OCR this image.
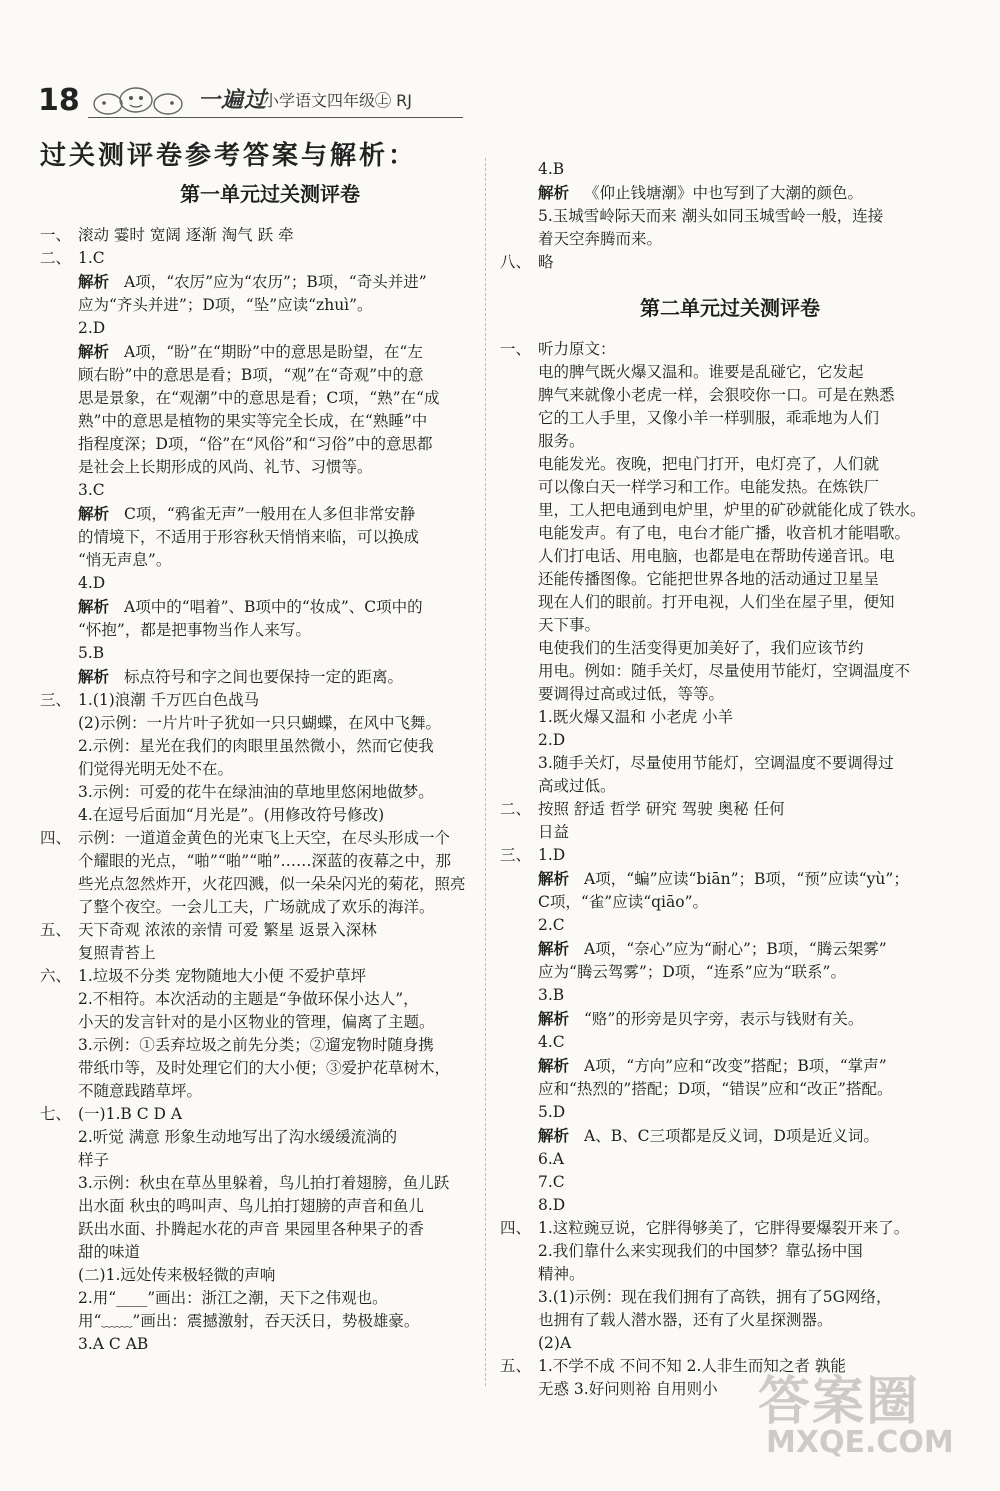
18	一遍过
小学语文四年级㊤ RJ
过关测评卷参考答案与解析：
第一单元过关测评卷
一、 滚动 霎时 宽阔 逐渐 淘气 跃 牵
二、 1.C
解析 A项，“农厉”应为“农历”；B项，“奇头并进”
应为“齐头并进”；D项，“坠”应读“zhuì”。
2.D
解析 A项，“盼”在“期盼”中的意思是盼望，在“左
顾右盼”中的意思是看；B项，“观”在“奇观”中的意
思是景象，在“观潮”中的意思是看；C项，“熟”在“成
熟”中的意思是植物的果实等完全长成，在“熟睡”中
指程度深；D项，“俗”在“风俗”和“习俗”中的意思都
是社会上长期形成的风尚、礼节、习惯等。
3.C
解析 C项，“鸦雀无声”一般用在人多但非常安静
的情境下，不适用于形容秋天悄悄来临，可以换成
“悄无声息”。
4.D
解析 A项中的“唱着”、B项中的“妆成”、C项中的
“怀抱”，都是把事物当作人来写。
5.B
解析 标点符号和字之间也要保持一定的距离。
三、 1.(1)浪潮 千万匹白色战马
(2)示例：一片片叶子犹如一只只蝴蝶，在风中飞舞。
2.示例：星光在我们的肉眼里虽然微小，然而它使我
们觉得光明无处不在。
3.示例：可爱的花牛在绿油油的草地里悠闲地做梦。
4.在逗号后面加“月光是”。(用修改符号修改)
四、 示例：一道道金黄色的光束飞上天空，在尽头形成一个
个耀眼的光点，“啪”“啪”“啪”……深蓝的夜幕之中，那
些光点忽然炸开，火花四溅，似一朵朵闪光的菊花，照亮
了整个夜空。一会儿工夫，广场就成了欢乐的海洋。
五、 天下奇观 浓浓的亲情 可爱 繁星 返景入深林
复照青苔上
六、 1.垃圾不分类 宠物随地大小便 不爱护草坪
2.不相符。本次活动的主题是“争做环保小达人”，
小天的发言针对的是小区物业的管理，偏离了主题。
3.示例：①丢弃垃圾之前先分类；②遛宠物时随身携
带纸巾等，及时处理它们的大小便；③爱护花草树木，
不随意践踏草坪。
七、 (一)1.B C D A
2.听觉 满意 形象生动地写出了沟水缓缓流淌的
样子
3.示例：秋虫在草丛里躲着，鸟儿拍打着翅膀，鱼儿跃
出水面 秋虫的鸣叫声、鸟儿拍打翅膀的声音和鱼儿
跃出水面、扑腾起水花的声音 果园里各种果子的香
甜的味道
(二)1.远处传来极轻微的声响
2.用“____”画出：浙江之潮，天下之伟观也。
用“﹏﹏”画出：震撼激射，吞天沃日，势极雄豪。
3.A C AB
4.B
解析 《仰止钱塘潮》中也写到了大潮的颜色。
5.玉城雪岭际天而来 潮头如同玉城雪岭一般，连接
着天空奔腾而来。
八、 略
第二单元过关测评卷
一、 听力原文：
电的脾气既火爆又温和。谁要是乱碰它，它发起
脾气来就像小老虎一样，会狠咬你一口。可是在熟悉
它的工人手里，又像小羊一样驯服，乖乖地为人们
服务。
电能发光。夜晚，把电门打开，电灯亮了，人们就
可以像白天一样学习和工作。电能发热。在炼铁厂
里，工人把电通到电炉里，炉里的矿砂就能化成了铁水。
电能发声。有了电，电台才能广播，收音机才能唱歌。
人们打电话、用电脑，也都是电在帮助传递音讯。电
还能传播图像。它能把世界各地的活动通过卫星呈
现在人们的眼前。打开电视，人们坐在屋子里，便知
天下事。
电使我们的生活变得更加美好了，我们应该节约
用电。例如：随手关灯，尽量使用节能灯，空调温度不
要调得过高或过低，等等。
1.既火爆又温和 小老虎 小羊
2.D
3.随手关灯，尽量使用节能灯，空调温度不要调得过
高或过低。
二、 按照 舒适 哲学 研究 驾驶 奥秘 任何
日益
三、 1.D
解析 A项，“蝙”应读“biān”；B项，“预”应读“yù”；
C项，“雀”应读“qiāo”。
2.C
解析 A项，“奈心”应为“耐心”；B项，“腾云架雾”
应为“腾云驾雾”；D项，“连系”应为“联系”。
3.B
解析 “赂”的形旁是贝字旁，表示与钱财有关。
4.C
解析 A项，“方向”应和“改变”搭配；B项，“掌声”
应和“热烈的”搭配；D项，“错误”应和“改正”搭配。
5.D
解析 A、B、C三项都是反义词，D项是近义词。
6.A
7.C
8.D
四、 1.这粒豌豆说，它胖得够美了，它胖得要爆裂开来了。
2.我们靠什么来实现我们的中国梦？靠弘扬中国
精神。
3.(1)示例：现在我们拥有了高铁，拥有了5G网络，
也拥有了载人潜水器，还有了火星探测器。
(2)A
五、 1.不学不成 不问不知 2.人非生而知之者 孰能
无惑 3.好问则裕 自用则小 答案圈
MXQE.COM
